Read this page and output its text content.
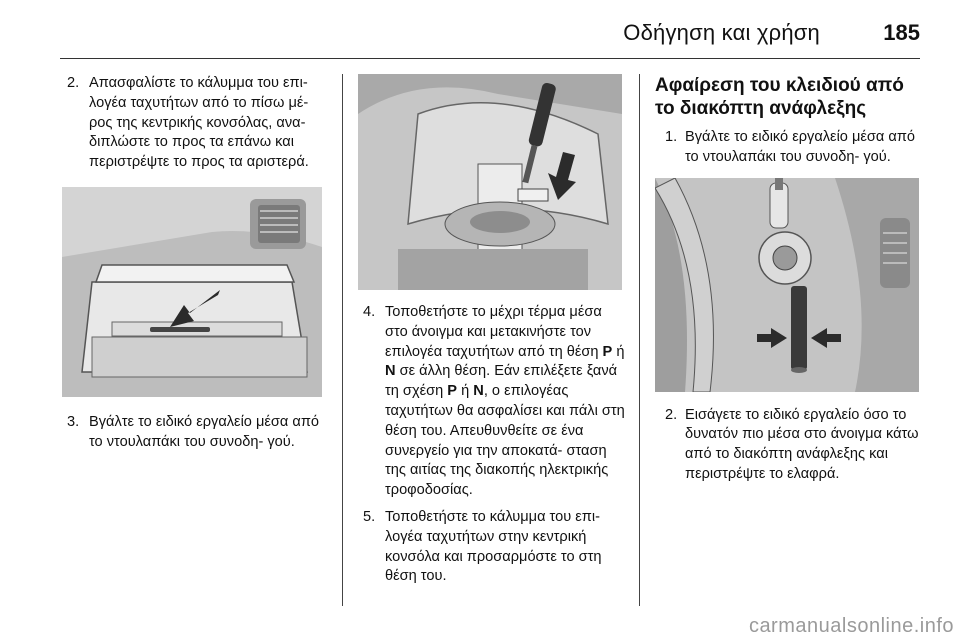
Οδήγηση και χρήση	185
2. Απασφαλίστε το κάλυμμα του επι- λογέα ταχυτήτων από το πίσω μέ- ρος της κεντρικής κονσόλας, ανα- διπλώστε το προς τα επάνω και περιστρέψτε το προς τα αριστερά.
3. Βγάλτε το ειδικό εργαλείο μέσα από το ντουλαπάκι του συνοδη- γού.
4. Τοποθετήστε το μέχρι τέρμα μέσα στο άνοιγμα και μετακινήστε τον επιλογέα ταχυτήτων από τη θέση P ή N σε άλλη θέση. Εάν επιλέξετε ξανά τη σχέση P ή N, ο επιλογέας ταχυτήτων θα ασφαλίσει και πάλι στη θέση του. Απευθυνθείτε σε ένα συνεργείο για την αποκατά- σταση της αιτίας της διακοπής ηλεκτρικής τροφοδοσίας.
5. Τοποθετήστε το κάλυμμα του επι- λογέα ταχυτήτων στην κεντρική κονσόλα και προσαρμόστε το στη θέση του.
Αφαίρεση του κλειδιού από το διακόπτη ανάφλεξης
1. Βγάλτε το ειδικό εργαλείο μέσα από το ντουλαπάκι του συνοδη- γού.
2. Εισάγετε το ειδικό εργαλείο όσο το δυνατόν πιο μέσα στο άνοιγμα κάτω από το διακόπτη ανάφλεξης και περιστρέψτε το ελαφρά.
carmanualsonline.info
